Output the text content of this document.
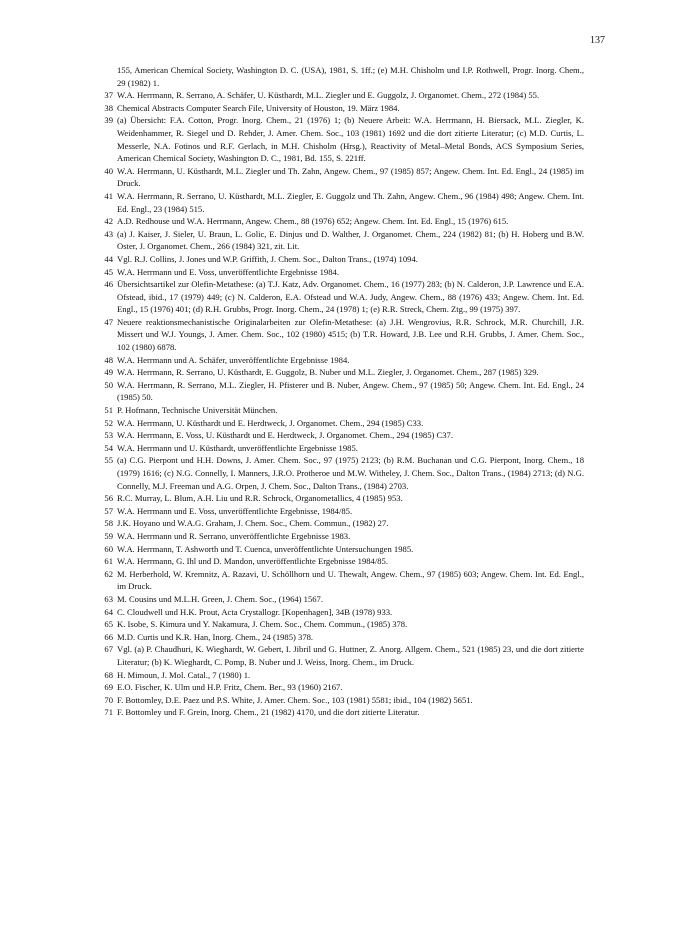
137
155, American Chemical Society, Washington D. C. (USA), 1981, S. 1ff.; (e) M.H. Chisholm und I.P. Rothwell, Progr. Inorg. Chem., 29 (1982) 1.
37 W.A. Herrmann, R. Serrano, A. Schäfer, U. Küsthardt, M.L. Ziegler und E. Guggolz, J. Organomet. Chem., 272 (1984) 55.
38 Chemical Abstracts Computer Search File, University of Houston, 19. März 1984.
39 (a) Übersicht: F.A. Cotton, Progr. Inorg. Chem., 21 (1976) 1; (b) Neuere Arbeit: W.A. Herrmann, H. Biersack, M.L. Ziegler, K. Weidenhammer, R. Siegel und D. Rehder, J. Amer. Chem. Soc., 103 (1981) 1692 und die dort zitierte Literatur; (c) M.D. Curtis, L. Messerle, N.A. Fotinos und R.F. Gerlach, in M.H. Chisholm (Hrsg.), Reactivity of Metal–Metal Bonds, ACS Symposium Series, American Chemical Society, Washington D. C., 1981, Bd. 155, S. 221ff.
40 W.A. Herrmann, U. Küsthardt, M.L. Ziegler und Th. Zahn, Angew. Chem., 97 (1985) 857; Angew. Chem. Int. Ed. Engl., 24 (1985) im Druck.
41 W.A. Herrmann, R. Serrano, U. Küsthardt, M.L. Ziegler, E. Guggolz und Th. Zahn, Angew. Chem., 96 (1984) 498; Angew. Chem. Int. Ed. Engl., 23 (1984) 515.
42 A.D. Redhouse und W.A. Herrmann, Angew. Chem., 88 (1976) 652; Angew. Chem. Int. Ed. Engl., 15 (1976) 615.
43 (a) J. Kaiser, J. Sieler, U. Braun, L. Golic, E. Dinjus und D. Walther, J. Organomet. Chem., 224 (1982) 81; (b) H. Hoberg und B.W. Oster, J. Organomet. Chem., 266 (1984) 321, zit. Lit.
44 Vgl. R.J. Collins, J. Jones und W.P. Griffith, J. Chem. Soc., Dalton Trans., (1974) 1094.
45 W.A. Herrmann und E. Voss, unveröffentlichte Ergebnisse 1984.
46 Übersichtsartikel zur Olefin-Metathese: (a) T.J. Katz, Adv. Organomet. Chem., 16 (1977) 283; (b) N. Calderon, J.P. Lawrence und E.A. Ofstead, ibid., 17 (1979) 449; (c) N. Calderon, E.A. Ofstead und W.A. Judy, Angew. Chem., 88 (1976) 433; Angew. Chem. Int. Ed. Engl., 15 (1976) 401; (d) R.H. Grubbs, Progr. Inorg. Chem., 24 (1978) 1; (e) R.R. Streck, Chem. Ztg., 99 (1975) 397.
47 Neuere reaktionsmechanistische Originalarbeiten zur Olefin-Metathese: (a) J.H. Wengrovius, R.R. Schrock, M.R. Churchill, J.R. Missert und W.J. Youngs, J. Amer. Chem. Soc., 102 (1980) 4515; (b) T.R. Howard, J.B. Lee und R.H. Grubbs, J. Amer. Chem. Soc., 102 (1980) 6878.
48 W.A. Herrmann und A. Schäfer, unveröffentlichte Ergebnisse 1984.
49 W.A. Herrmann, R. Serrano, U. Küsthardt, E. Guggolz, B. Nuber und M.L. Ziegler, J. Organomet. Chem., 287 (1985) 329.
50 W.A. Herrmann, R. Serrano, M.L. Ziegler, H. Pfisterer und B. Nuber, Angew. Chem., 97 (1985) 50; Angew. Chem. Int. Ed. Engl., 24 (1985) 50.
51 P. Hofmann, Technische Universität München.
52 W.A. Herrmann, U. Küsthardt und E. Herdtweck, J. Organomet. Chem., 294 (1985) C33.
53 W.A. Herrmann, E. Voss, U. Küsthardt und E. Herdtweck, J. Organomet. Chem., 294 (1985) C37.
54 W.A. Herrmann und U. Küsthardt, unveröffentlichte Ergebnisse 1985.
55 (a) C.G. Pierpont und H.H. Downs, J. Amer. Chem. Soc., 97 (1975) 2123; (b) R.M. Buchanan und C.G. Pierpont, Inorg. Chem., 18 (1979) 1616; (c) N.G. Connelly, I. Manners, J.R.O. Protheroe und M.W. Witheley, J. Chem. Soc., Dalton Trans., (1984) 2713; (d) N.G. Connelly, M.J. Freeman und A.G. Orpen, J. Chem. Soc., Dalton Trans., (1984) 2703.
56 R.C. Murray, L. Blum, A.H. Liu und R.R. Schrock, Organometallics, 4 (1985) 953.
57 W.A. Herrmann und E. Voss, unveröffentlichte Ergebnisse, 1984/85.
58 J.K. Hoyano und W.A.G. Graham, J. Chem. Soc., Chem. Commun., (1982) 27.
59 W.A. Herrmann und R. Serrano, unveröffentlichte Ergebnisse 1983.
60 W.A. Herrmann, T. Ashworth und T. Cuenca, unveröffentlichte Untersuchungen 1985.
61 W.A. Herrmann, G. Ihl und D. Mandon, unveröffentlichte Ergebnisse 1984/85.
62 M. Herberhold, W. Kremnitz, A. Razavi, U. Schöllhorn und U. Thewalt, Angew. Chem., 97 (1985) 603; Angew. Chem. Int. Ed. Engl., im Druck.
63 M. Cousins und M.L.H. Green, J. Chem. Soc., (1964) 1567.
64 C. Cloudwell und H.K. Prout, Acta Crystallogr. [Kopenhagen], 34B (1978) 933.
65 K. Isobe, S. Kimura und Y. Nakamura, J. Chem. Soc., Chem. Commun., (1985) 378.
66 M.D. Curtis und K.R. Han, Inorg. Chem., 24 (1985) 378.
67 Vgl. (a) P. Chaudhuri, K. Wieghardt, W. Gebert, I. Jibril und G. Huttner, Z. Anorg. Allgem. Chem., 521 (1985) 23, und die dort zitierte Literatur; (b) K. Wieghardt, C. Pomp, B. Nuber und J. Weiss, Inorg. Chem., im Druck.
68 H. Mimoun, J. Mol. Catal., 7 (1980) 1.
69 E.O. Fischer, K. Ulm und H.P. Fritz, Chem. Ber., 93 (1960) 2167.
70 F. Bottomley, D.E. Paez und P.S. White, J. Amer. Chem. Soc., 103 (1981) 5581; ibid., 104 (1982) 5651.
71 F. Bottomley und F. Grein, Inorg. Chem., 21 (1982) 4170, und die dort zitierte Literatur.
